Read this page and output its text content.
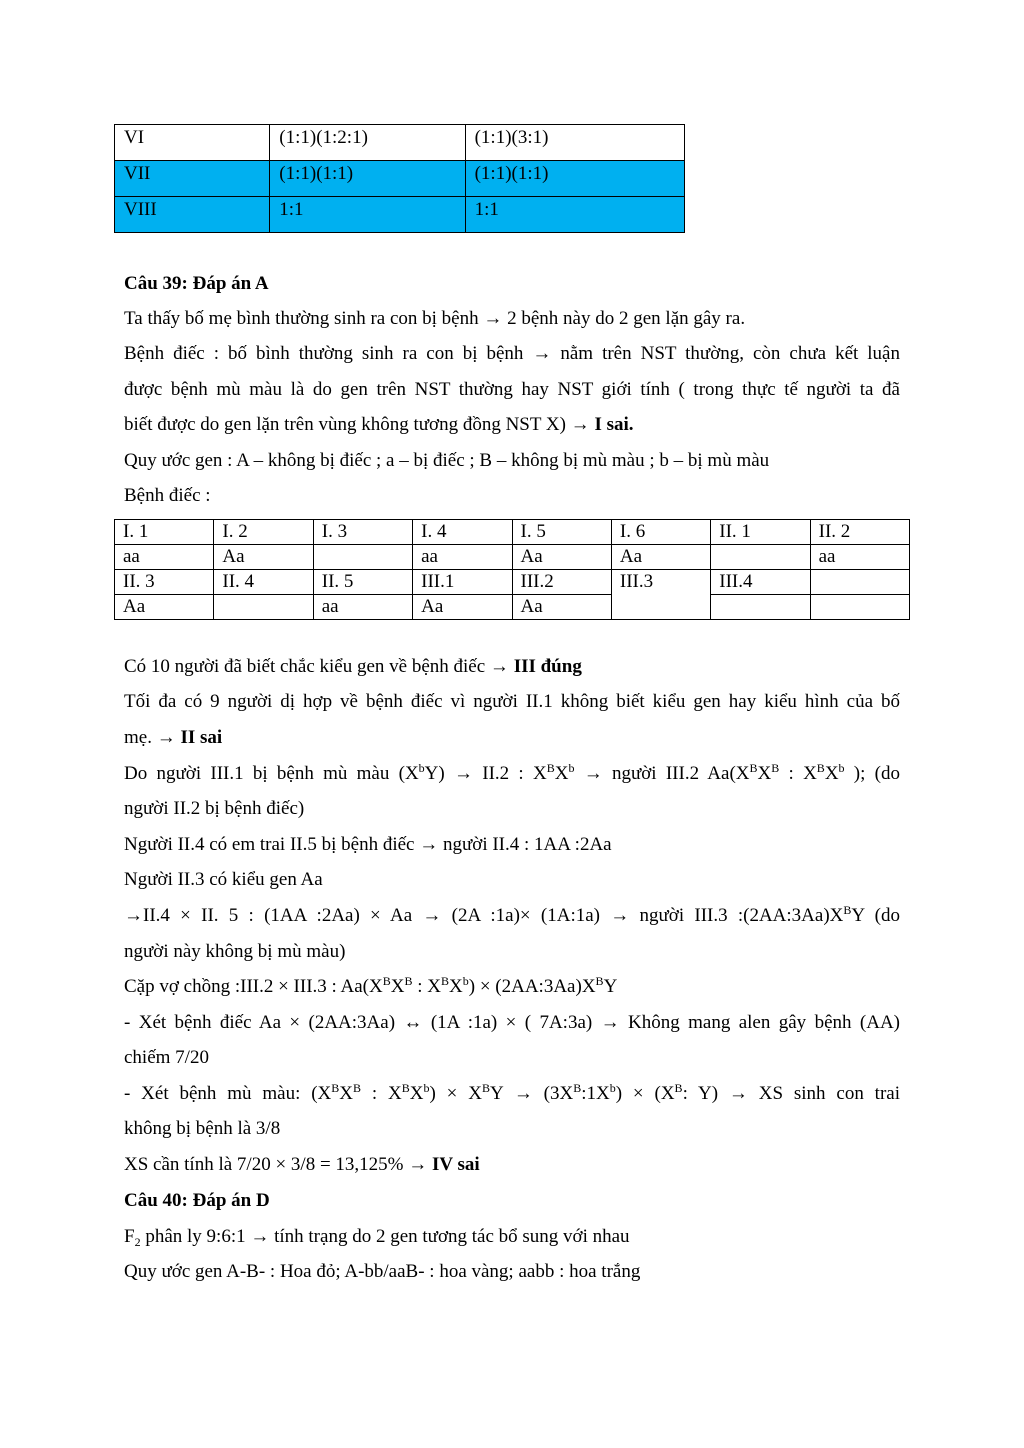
VI	(1:1)(1:2:1)	(1:1)(3:1)
VII	(1:1)(1:1)	(1:1)(1:1)
VIII	1:1	1:1
Câu 39: Đáp án A
Ta thấy bố mẹ bình thường sinh ra con bị bệnh → 2 bệnh này do 2 gen lặn gây ra.
Bệnh điếc : bố bình thường sinh ra con bị bệnh → nằm trên NST thường, còn chưa kết luận
được bệnh mù màu là do gen trên NST thường hay NST giới tính ( trong thực tế người ta đã
biết được do gen lặn trên vùng không tương đồng NST X) → I sai.
Quy ước gen : A – không bị điếc ; a – bị điếc ; B – không bị mù màu ; b – bị mù màu
Bệnh điếc :
I. 1	I. 2	I. 3	I. 4	I. 5	I. 6	II. 1	II. 2
aa	Aa		aa	Aa	Aa		aa
II. 3	II. 4	II. 5	III.1	III.2	III.3	III.4	
Aa		aa	Aa	Aa			
Có 10 người đã biết chắc kiểu gen về bệnh điếc → III đúng
Tối đa có 9 người dị hợp về bệnh điếc vì người II.1 không biết kiểu gen hay kiểu hình của bố
mẹ. → II sai
Do người III.1 bị bệnh mù màu $(X^bY) \to II.2$ : $X^BX^b$ → người III.2 $Aa(X^BX^B$ : $X^BX^b$ ); (do
người II.2 bị bệnh điếc)
Người II.4 có em trai II.5 bị bệnh điếc → người II.4 : 1AA :2Aa
Người II.3 có kiểu gen Aa
→II.4 × II. 5 : (1AA :2Aa) × Aa → (2A :1a)× (1A:1a) → người III.3 $:(2AA:3Aa)X^BY$ (do
người này không bị mù màu)
Cặp vợ chồng :III.2 × III.3 : $Aa(X^BX^B$ : $X^BX^b$) × $(2AA:3Aa)X^BY$
- Xét bệnh điếc Aa × (2AA:3Aa) ↔ (1A :1a) × ( 7A:3a) → Không mang alen gây bệnh (AA)
chiếm 7/20
- Xét bệnh mù màu: ($X^BX^B$ : $X^BX^b) \times X^BY$ → $(3X^B:1X^b) \times (X^B$: Y) → XS sinh con trai
không bị bệnh là 3/8
XS cần tính là 7/20 × 3/8 = 13,125% → IV sai
Câu 40: Đáp án D
$F_2$ phân ly 9:6:1 → tính trạng do 2 gen tương tác bổ sung với nhau
Quy ước gen A-B- : Hoa đỏ; A-bb/aaB- : hoa vàng; aabb : hoa trắng
